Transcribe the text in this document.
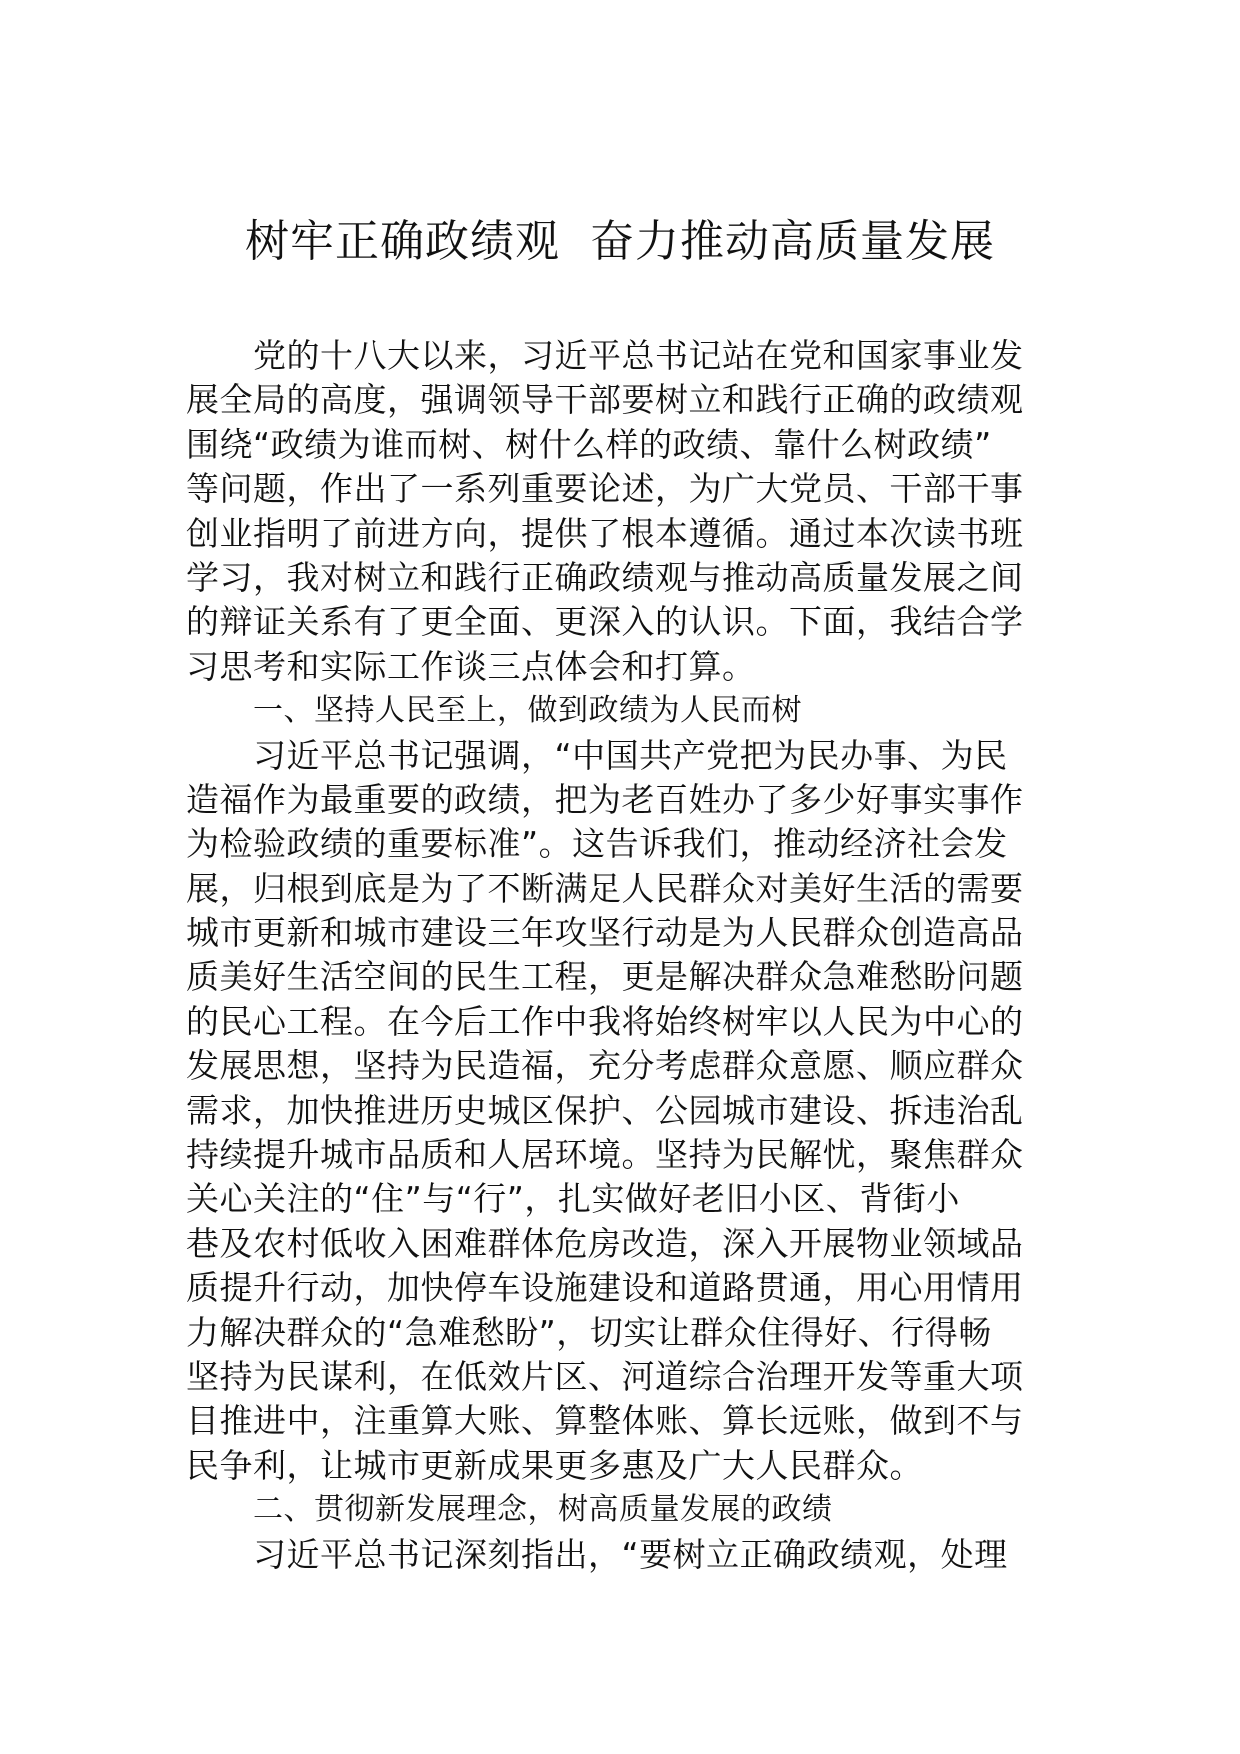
树牢正确政绩观  奋力推动高质量发展
党的十八大以来，习近平总书记站在党和国家事业发
展全局的高度，强调领导干部要树立和践行正确的政绩观
围绕“政绩为谁而树、树什么样的政绩、靠什么树政绩”
等问题，作出了一系列重要论述，为广大党员、干部干事
创业指明了前进方向，提供了根本遵循。通过本次读书班
学习，我对树立和践行正确政绩观与推动高质量发展之间
的辩证关系有了更全面、更深入的认识。下面，我结合学
习思考和实际工作谈三点体会和打算。
一、坚持人民至上，做到政绩为人民而树
习近平总书记强调，“中国共产党把为民办事、为民
造福作为最重要的政绩，把为老百姓办了多少好事实事作
为检验政绩的重要标准”。这告诉我们，推动经济社会发
展，归根到底是为了不断满足人民群众对美好生活的需要
城市更新和城市建设三年攻坚行动是为人民群众创造高品
质美好生活空间的民生工程，更是解决群众急难愁盼问题
的民心工程。在今后工作中我将始终树牢以人民为中心的
发展思想，坚持为民造福，充分考虑群众意愿、顺应群众
需求，加快推进历史城区保护、公园城市建设、拆违治乱
持续提升城市品质和人居环境。坚持为民解忧，聚焦群众
关心关注的“住”与“行”，扎实做好老旧小区、背街小
巷及农村低收入困难群体危房改造，深入开展物业领域品
质提升行动，加快停车设施建设和道路贯通，用心用情用
力解决群众的“急难愁盼”，切实让群众住得好、行得畅
坚持为民谋利，在低效片区、河道综合治理开发等重大项
目推进中，注重算大账、算整体账、算长远账，做到不与
民争利，让城市更新成果更多惠及广大人民群众。
二、贯彻新发展理念，树高质量发展的政绩
习近平总书记深刻指出，“要树立正确政绩观，处理
